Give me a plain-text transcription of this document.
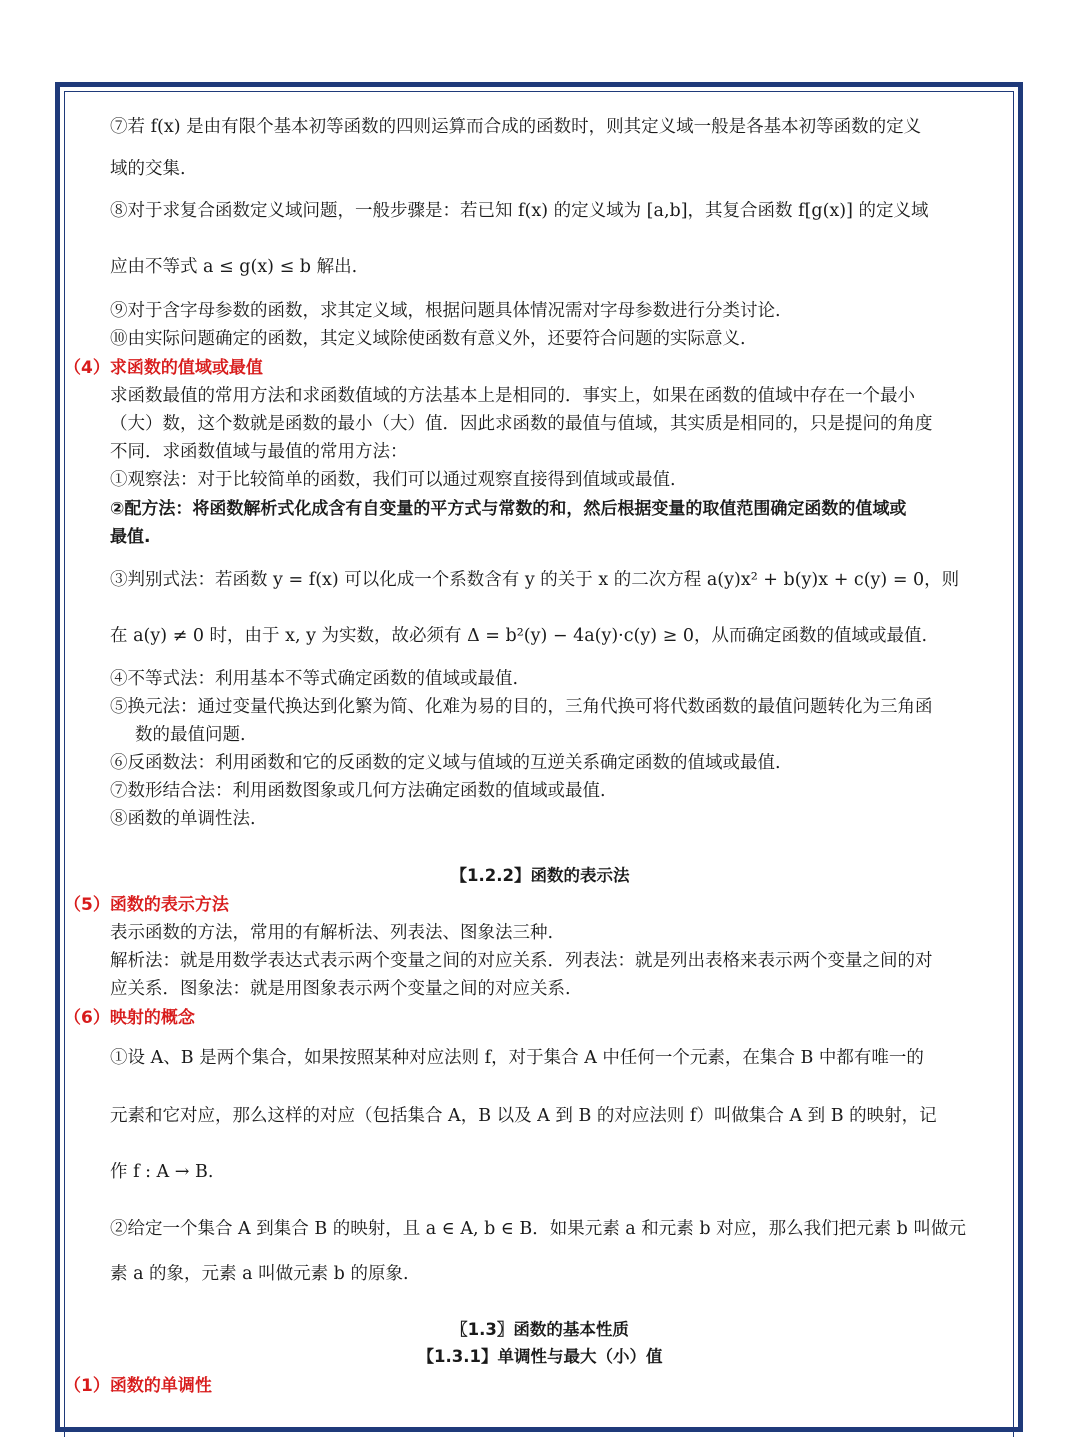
⑦若 f(x) 是由有限个基本初等函数的四则运算而合成的函数时，则其定义域一般是各基本初等函数的定义
域的交集.
⑧对于求复合函数定义域问题，一般步骤是：若已知 f(x) 的定义域为 [a,b]，其复合函数 f[g(x)] 的定义域
应由不等式 a ≤ g(x) ≤ b 解出.
⑨对于含字母参数的函数，求其定义域，根据问题具体情况需对字母参数进行分类讨论.
⑩由实际问题确定的函数，其定义域除使函数有意义外，还要符合问题的实际意义.
（4）求函数的值域或最值
求函数最值的常用方法和求函数值域的方法基本上是相同的．事实上，如果在函数的值域中存在一个最小
（大）数，这个数就是函数的最小（大）值．因此求函数的最值与值域，其实质是相同的，只是提问的角度
不同．求函数值域与最值的常用方法：
①观察法：对于比较简单的函数，我们可以通过观察直接得到值域或最值.
②配方法：将函数解析式化成含有自变量的平方式与常数的和，然后根据变量的取值范围确定函数的值域或
最值.
③判别式法：若函数 y = f(x) 可以化成一个系数含有 y 的关于 x 的二次方程 a(y)x² + b(y)x + c(y) = 0，则
在 a(y) ≠ 0 时，由于 x, y 为实数，故必须有 Δ = b²(y) − 4a(y)·c(y) ≥ 0，从而确定函数的值域或最值.
④不等式法：利用基本不等式确定函数的值域或最值.
⑤换元法：通过变量代换达到化繁为简、化难为易的目的，三角代换可将代数函数的最值问题转化为三角函
数的最值问题.
⑥反函数法：利用函数和它的反函数的定义域与值域的互逆关系确定函数的值域或最值.
⑦数形结合法：利用函数图象或几何方法确定函数的值域或最值.
⑧函数的单调性法.
【1.2.2】函数的表示法
（5）函数的表示方法
表示函数的方法，常用的有解析法、列表法、图象法三种.
解析法：就是用数学表达式表示两个变量之间的对应关系．列表法：就是列出表格来表示两个变量之间的对
应关系．图象法：就是用图象表示两个变量之间的对应关系.
（6）映射的概念
①设 A、B 是两个集合，如果按照某种对应法则 f，对于集合 A 中任何一个元素，在集合 B 中都有唯一的
元素和它对应，那么这样的对应（包括集合 A，B 以及 A 到 B 的对应法则 f）叫做集合 A 到 B 的映射，记
作 f : A → B.
②给定一个集合 A 到集合 B 的映射，且 a ∈ A, b ∈ B．如果元素 a 和元素 b 对应，那么我们把元素 b 叫做元
素 a 的象，元素 a 叫做元素 b 的原象.
〖1.3〗函数的基本性质
【1.3.1】单调性与最大（小）值
（1）函数的单调性
